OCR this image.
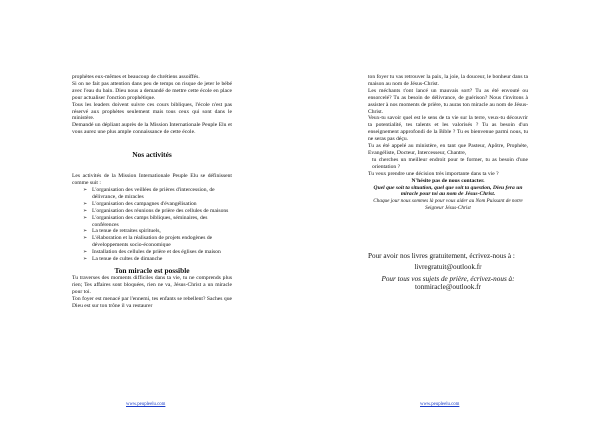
prophètes eux-mêmes et beaucoup de chrétiens assoiffés.

Si on ne fait pas attention dans peu de temps on risque de jeter le bébé avec l'eau du bain. Dieu nous a demandé de mettre cette école en place pour actualiser l'onction prophétique.

Tous les leaders doivent suivre ces cours bibliques, l'école n'est pas réservé aux prophètes seulement mais tous ceux qui sont dans le ministère.

Demandé un dépliant auprès de la Mission Internationale Peuple Elu et vous aurez une plus ample connaissance de cette école.

Nos activités

Les activités de la Mission Internationale Peuple Elu se définissent comme suit :

➢ L'organisation des veillées de prières d'intercession, de délivrance, de miracles
➢ L'organisation des campagnes d'évangélisation
➢ L'organisation des réunions de prière des cellules de maisons
➢ L'organisation des camps bibliques, séminaires, des conférences
➢ La tenue de retraites spirituels,
➢ L'élaboration et la réalisation de projets endogènes de développements socio-économique
➢ Installation des cellules de prière et des églises de maison
➢ La tenue de cultes de dimanche
Ton miracle est possible

Tu traverses des moments difficiles dans ta vie, tu ne comprends plus rien; Tes affaires sont bloquées, rien ne va, Jésus-Christ a un miracle pour toi.

Ton foyer est menacé par l'ennemi, tes enfants se rebellent? Saches que Dieu est sur ton trône il va restaurer

ton foyer tu vas retrouver la paix, la joie, la douceur, le bonheur dans ta maison au nom de Jésus-Christ.

Les méchants t'ont lancé un mauvais sort? Tu as été envouté ou ensorcelé? Tu as besoin de délivrance, de guérison? Nous t'invitons à assister à nos moments de prière, tu auras ton miracle au nom de Jésus-Christ.

Veux-tu savoir quel est le sens de ta vie sur la terre, veux-tu découvrir ta potentialité, tes talents et les valorisés ? Tu as besoin d'un enseignement approfondi de la Bible ? Tu es bienvenue parmi nous, tu ne seras pas déçu.

Tu as été appelé au ministère, en tant que Pasteur, Apôtre, Prophète, Evangéliste, Docteur, Intercesseur, Chantre,

tu cherches un meilleur endroit pour te former, tu as besoin d'une orientation ?

Tu veux prendre une décision très importante dans ta vie ?

N'hésite pas de nous contacter.

Quel que soit ta situation, quel que soit ta question, Dieu fera un miracle pour toi au nom de Jésus-Christ.

Chaque jour nous sommes là pour vous aider au Nom Puissant de notre Seigneur Jésus-Christ

Pour avoir nos livres gratuitement, écrivez-nous à :

livregratuit@outlook.fr

Pour tous vos sujets de prière, écrivez-nous à:

tonmiracle@outlook.fr

www.peupleelu.com	www.peupleelu.com
